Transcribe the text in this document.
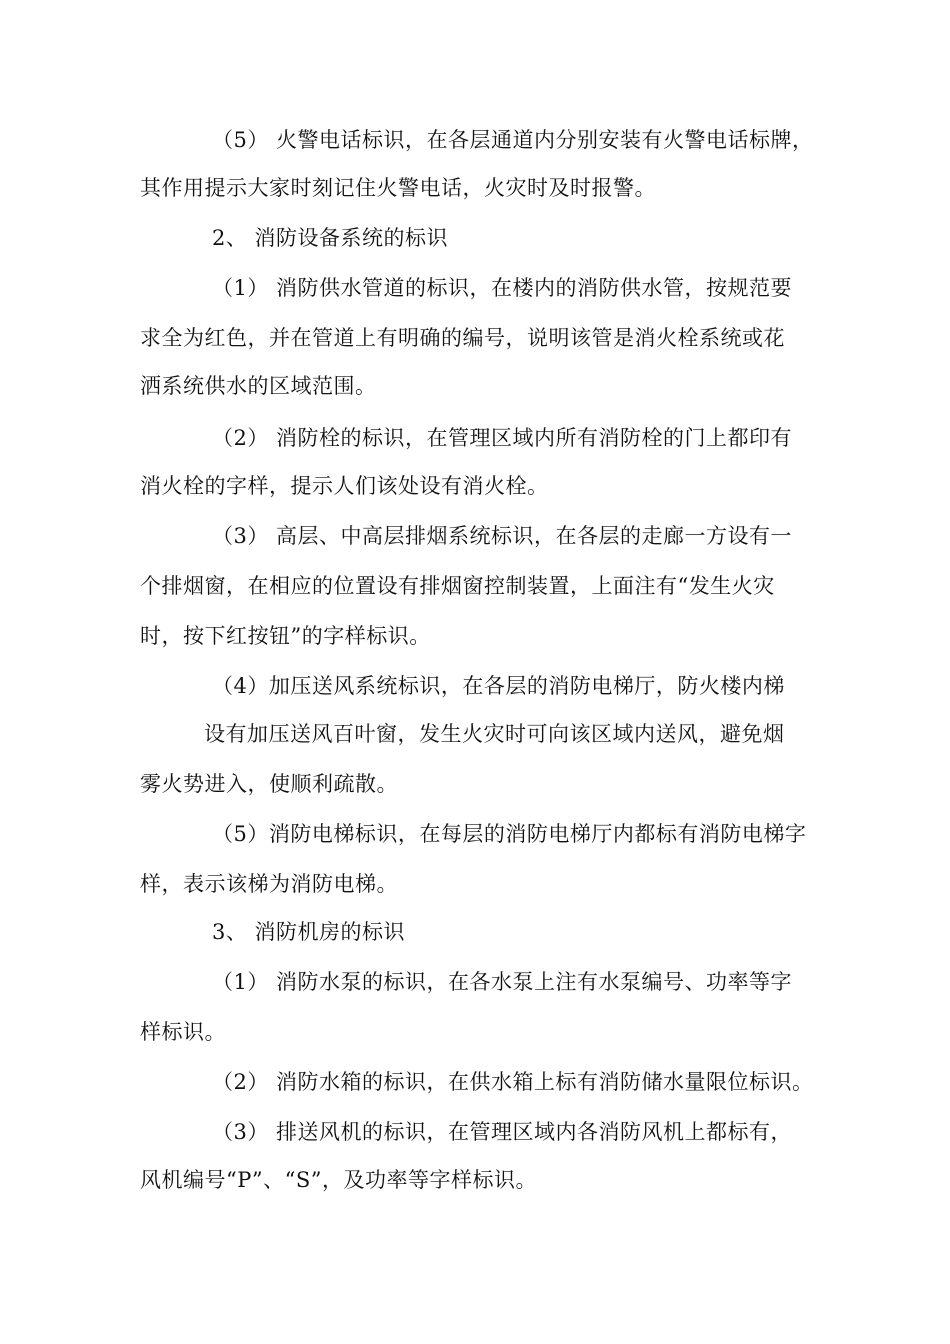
（5） 火警电话标识，在各层通道内分别安装有火警电话标牌，
其作用提示大家时刻记住火警电话，火灾时及时报警。
2、 消防设备系统的标识
（1） 消防供水管道的标识，在楼内的消防供水管，按规范要
求全为红色，并在管道上有明确的编号，说明该管是消火栓系统或花
洒系统供水的区域范围。
（2） 消防栓的标识，在管理区域内所有消防栓的门上都印有
消火栓的字样，提示人们该处设有消火栓。
（3） 高层、中高层排烟系统标识，在各层的走廊一方设有一
个排烟窗，在相应的位置设有排烟窗控制装置，上面注有“发生火灾
时，按下红按钮”的字样标识。
（4）加压送风系统标识，在各层的消防电梯厅，防火楼内梯
设有加压送风百叶窗，发生火灾时可向该区域内送风，避免烟
雾火势进入，使顺利疏散。
（5）消防电梯标识，在每层的消防电梯厅内都标有消防电梯字
样，表示该梯为消防电梯。
3、 消防机房的标识
（1） 消防水泵的标识，在各水泵上注有水泵编号、功率等字
样标识。
（2） 消防水箱的标识，在供水箱上标有消防储水量限位标识。
（3） 排送风机的标识，在管理区域内各消防风机上都标有，
风机编号“P”、“S”，及功率等字样标识。
